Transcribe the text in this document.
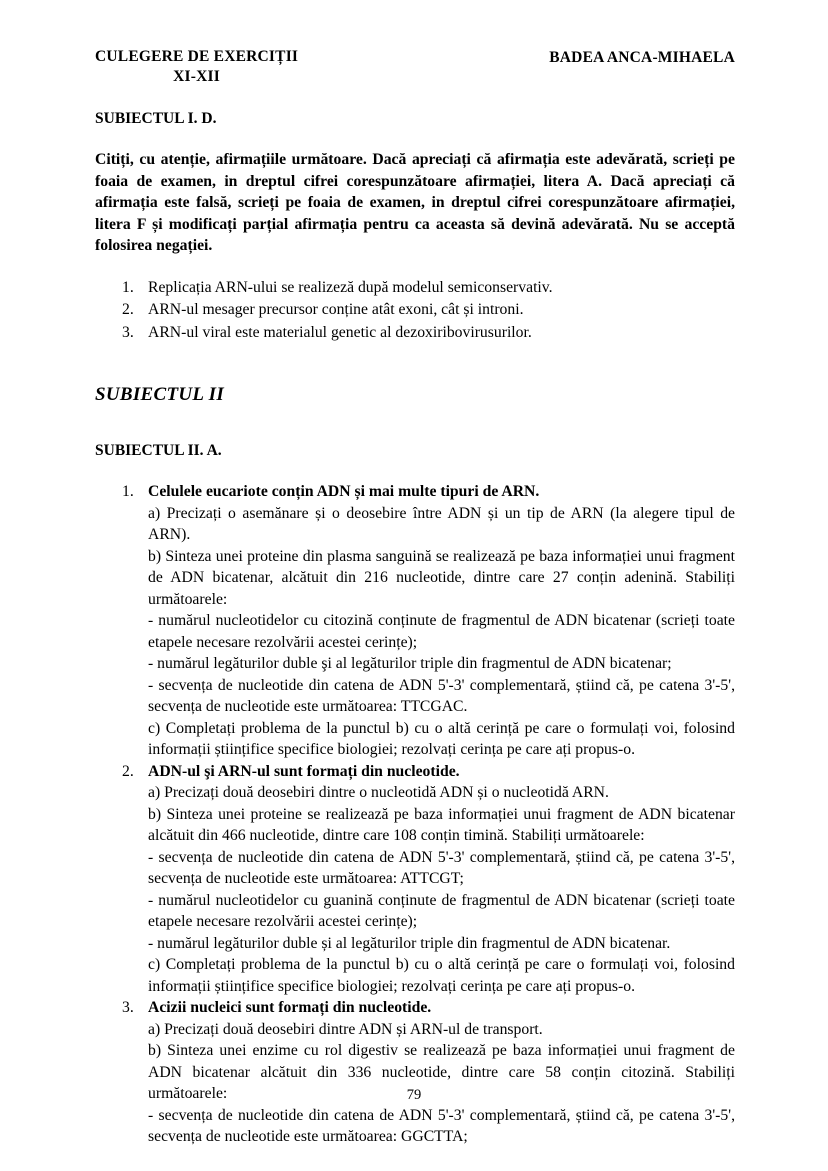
CULEGERE DE EXERCIȚII
XI-XII
BADEA ANCA-MIHAELA
SUBIECTUL I. D.

Citiți, cu atenție, afirmațiile următoare. Dacă apreciați că afirmația este adevărată, scrieți pe foaia de examen, in dreptul cifrei corespunzătoare afirmației, litera A. Dacă apreciați că afirmația este falsă, scrieți pe foaia de examen, in dreptul cifrei corespunzătoare afirmației, litera F și modificați parțial afirmația pentru ca aceasta să devină adevărată. Nu se acceptă folosirea negației.

1. Replicația ARN-ului se realizeză după modelul semiconservativ.
2. ARN-ul mesager precursor conține atât exoni, cât și introni.
3. ARN-ul viral este materialul genetic al dezoxiribovirusurilor.
SUBIECTUL II
SUBIECTUL II. A.
1. Celulele eucariote conțin ADN și mai multe tipuri de ARN.

a) Precizați o asemănare și o deosebire între ADN și un tip de ARN (la alegere tipul de ARN).

b) Sinteza unei proteine din plasma sanguină se realizează pe baza informației unui fragment de ADN bicatenar, alcătuit din 216 nucleotide, dintre care 27 conțin adenină. Stabiliți următoarele:

- numărul nucleotidelor cu citozină conținute de fragmentul de ADN bicatenar (scrieți toate etapele necesare rezolvării acestei cerințe);

- numărul legăturilor duble şi al legăturilor triple din fragmentul de ADN bicatenar;

- secvența de nucleotide din catena de ADN 5'-3' complementară, știind că, pe catena 3'-5', secvența de nucleotide este următoarea: TTCGAC.

c) Completați problema de la punctul b) cu o altă cerință pe care o formulați voi, folosind informații științifice specifice biologiei; rezolvați cerința pe care ați propus-o.

2. ADN-ul şi ARN-ul sunt formați din nucleotide.

a) Precizați două deosebiri dintre o nucleotidă ADN și o nucleotidă ARN.

b) Sinteza unei proteine se realizează pe baza informației unui fragment de ADN bicatenar alcătuit din 466 nucleotide, dintre care 108 conțin timină. Stabiliți următoarele:

- secvența de nucleotide din catena de ADN 5'-3' complementară, știind că, pe catena 3'-5', secvența de nucleotide este următoarea: ATTCGT;

- numărul nucleotidelor cu guanină conținute de fragmentul de ADN bicatenar (scrieți toate etapele necesare rezolvării acestei cerințe);

- numărul legăturilor duble și al legăturilor triple din fragmentul de ADN bicatenar.

c) Completați problema de la punctul b) cu o altă cerință pe care o formulați voi, folosind informații științifice specifice biologiei; rezolvați cerința pe care ați propus-o.

3. Acizii nucleici sunt formați din nucleotide.

a) Precizați două deosebiri dintre ADN și ARN-ul de transport.

b) Sinteza unei enzime cu rol digestiv se realizează pe baza informației unui fragment de ADN bicatenar alcătuit din 336 nucleotide, dintre care 58 conțin citozină. Stabiliți următoarele:

- secvența de nucleotide din catena de ADN 5'-3' complementară, știind că, pe catena 3'-5', secvența de nucleotide este următoarea: GGCTTA;

79
